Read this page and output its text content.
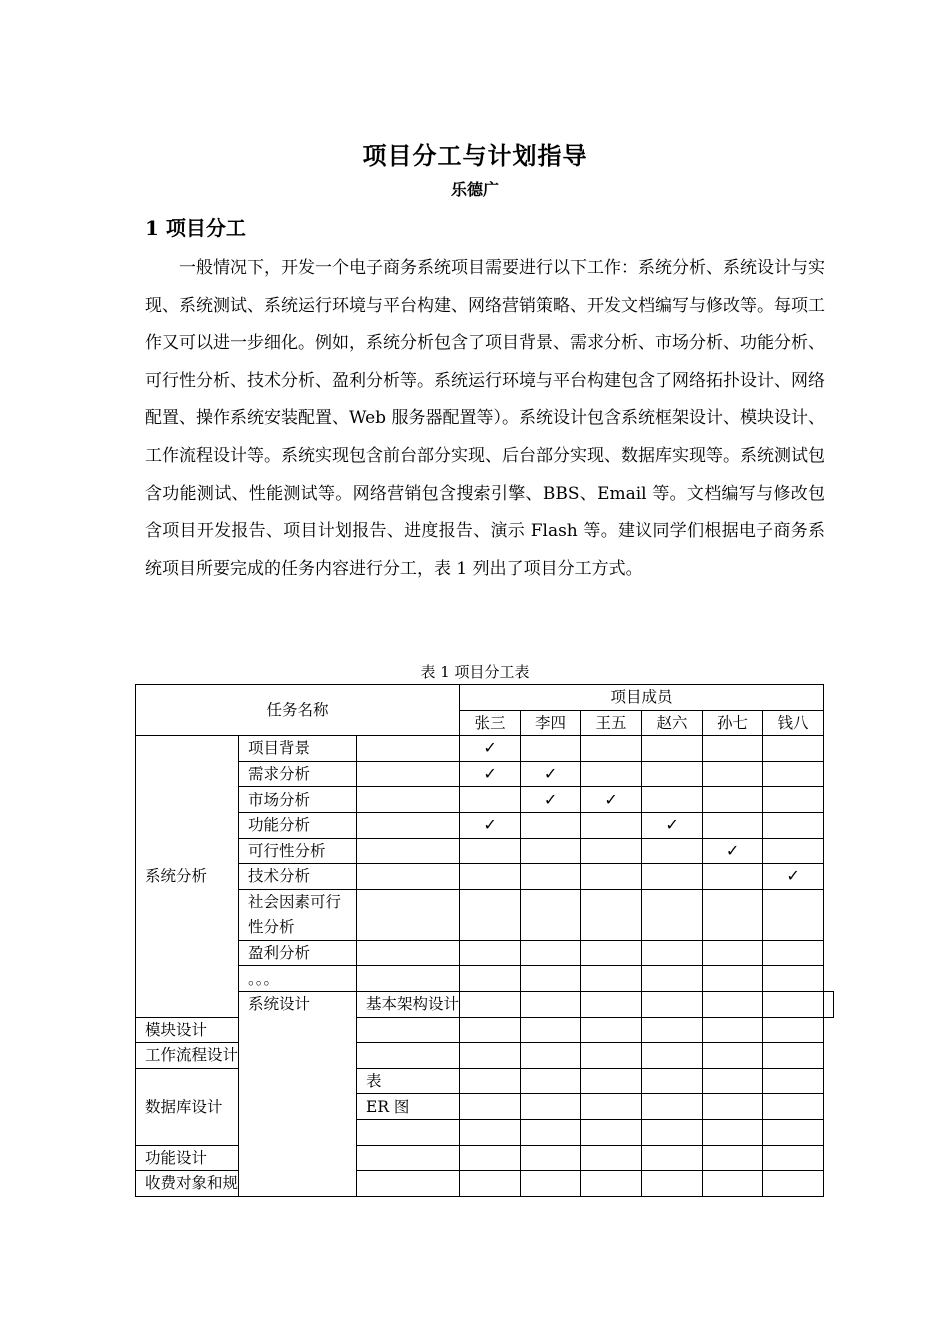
项目分工与计划指导
乐德广
1 项目分工
一般情况下，开发一个电子商务系统项目需要进行以下工作：系统分析、系统设计与实现、系统测试、系统运行环境与平台构建、网络营销策略、开发文档编写与修改等。每项工作又可以进一步细化。例如，系统分析包含了项目背景、需求分析、市场分析、功能分析、可行性分析、技术分析、盈利分析等。系统运行环境与平台构建包含了网络拓扑设计、网络配置、操作系统安装配置、Web 服务器配置等）。系统设计包含系统框架设计、模块设计、工作流程设计等。系统实现包含前台部分实现、后台部分实现、数据库实现等。系统测试包含功能测试、性能测试等。网络营销包含搜索引擎、BBS、Email 等。文档编写与修改包含项目开发报告、项目计划报告、进度报告、演示 Flash 等。建议同学们根据电子商务系统项目所要完成的任务内容进行分工，表 1 列出了项目分工方式。
表 1 项目分工表
任务名称			项目成员						
			张三	李四	王五	赵六	孙七	钱八	
系统分析	项目背景		✓						
	需求分析		✓	✓					
	市场分析			✓	✓				
	功能分析		✓			✓			
	可行性分析						✓		
	技术分析							✓	
	社会因素可行性分析								
	盈利分析								
	。。。								
	系统设计	基本架构设计							
模块设计									
工作流程设计									
数据库设计		表							
		ER 图							

功能设计									
收费对象和规									
